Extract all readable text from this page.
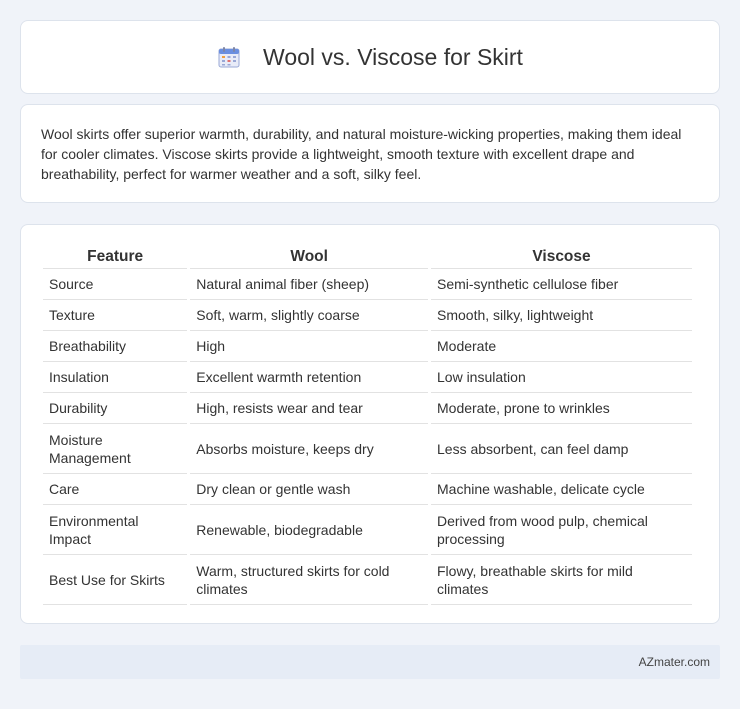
Wool vs. Viscose for Skirt

Wool skirts offer superior warmth, durability, and natural moisture-wicking properties, making them ideal for cooler climates. Viscose skirts provide a lightweight, smooth texture with excellent drape and breathability, perfect for warmer weather and a soft, silky feel.

Feature	Wool	Viscose
Source	Natural animal fiber (sheep)	Semi-synthetic cellulose fiber
Texture	Soft, warm, slightly coarse	Smooth, silky, lightweight
Breathability	High	Moderate
Insulation	Excellent warmth retention	Low insulation
Durability	High, resists wear and tear	Moderate, prone to wrinkles
Moisture Management	Absorbs moisture, keeps dry	Less absorbent, can feel damp
Care	Dry clean or gentle wash	Machine washable, delicate cycle
Environmental Impact	Renewable, biodegradable	Derived from wood pulp, chemical processing
Best Use for Skirts	Warm, structured skirts for cold climates	Flowy, breathable skirts for mild climates
AZmater.com
